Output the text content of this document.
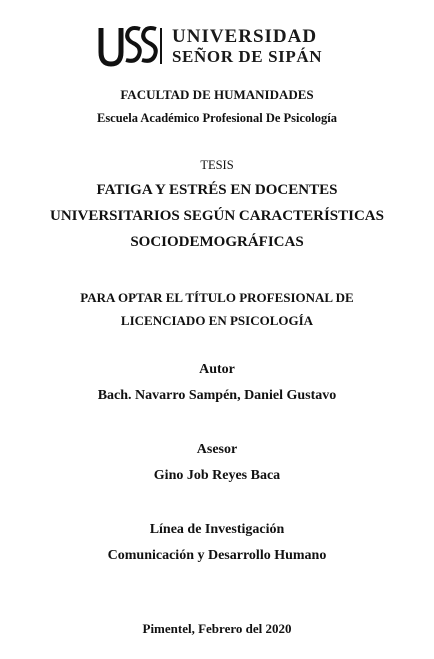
UNIVERSIDAD
SEÑOR DE SIPÁN
FACULTAD DE HUMANIDADES
Escuela Académico Profesional De Psicología
TESIS
FATIGA Y ESTRÉS EN DOCENTES
UNIVERSITARIOS SEGÚN CARACTERÍSTICAS
SOCIODEMOGRÁFICAS
PARA OPTAR EL TÍTULO PROFESIONAL DE
LICENCIADO EN PSICOLOGÍA
Autor
Bach. Navarro Sampén, Daniel Gustavo
Asesor
Gino Job Reyes Baca
Línea de Investigación
Comunicación y Desarrollo Humano
Pimentel, Febrero del 2020
